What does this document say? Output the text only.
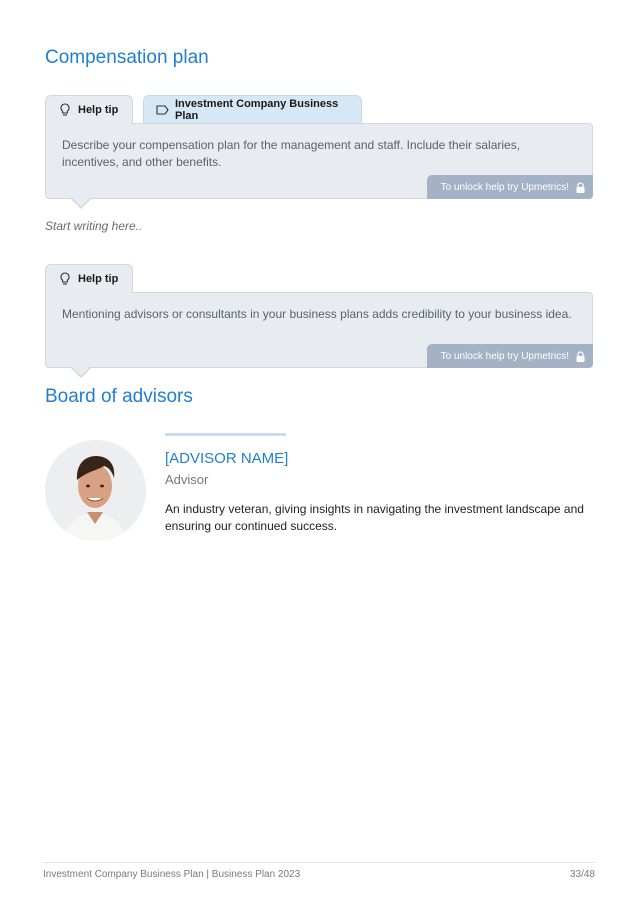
Compensation plan
Help tip
Investment Company Business Plan

Describe your compensation plan for the management and staff. Include their salaries, incentives, and other benefits.

To unlock help try Upmetrics!
Start writing here..
Help tip

Mentioning advisors or consultants in your business plans adds credibility to your business idea.

To unlock help try Upmetrics!
Board of advisors
[ADVISOR NAME]
Advisor
An industry veteran, giving insights in navigating the investment landscape and ensuring our continued success.
Investment Company Business Plan | Business Plan 2023	33/48
